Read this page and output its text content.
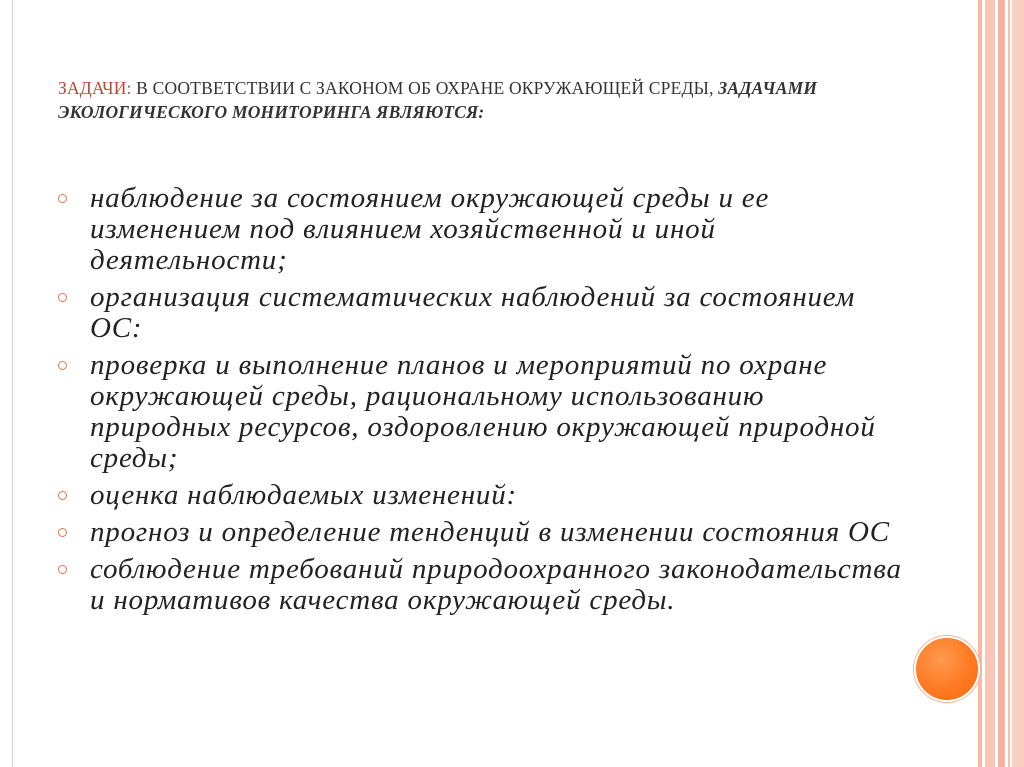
ЗАДАЧИ: В СООТВЕТСТВИИ С ЗАКОНОМ ОБ ОХРАНЕ ОКРУЖАЮЩЕЙ СРЕДЫ, ЗАДАЧАМИ ЭКОЛОГИЧЕСКОГО МОНИТОРИНГА ЯВЛЯЮТСЯ:
наблюдение за состоянием окружающей среды и ее изменением под влиянием хозяйственной и иной деятельности;
организация систематических наблюдений за состоянием ОС:
проверка и выполнение планов и мероприятий по охране окружающей среды, рациональному использованию природных ресурсов, оздоровлению окружающей природной среды;
оценка наблюдаемых изменений:
прогноз и определение тенденций в изменении состояния ОС
соблюдение требований природоохранного законодательства и нормативов качества окружающей среды.
